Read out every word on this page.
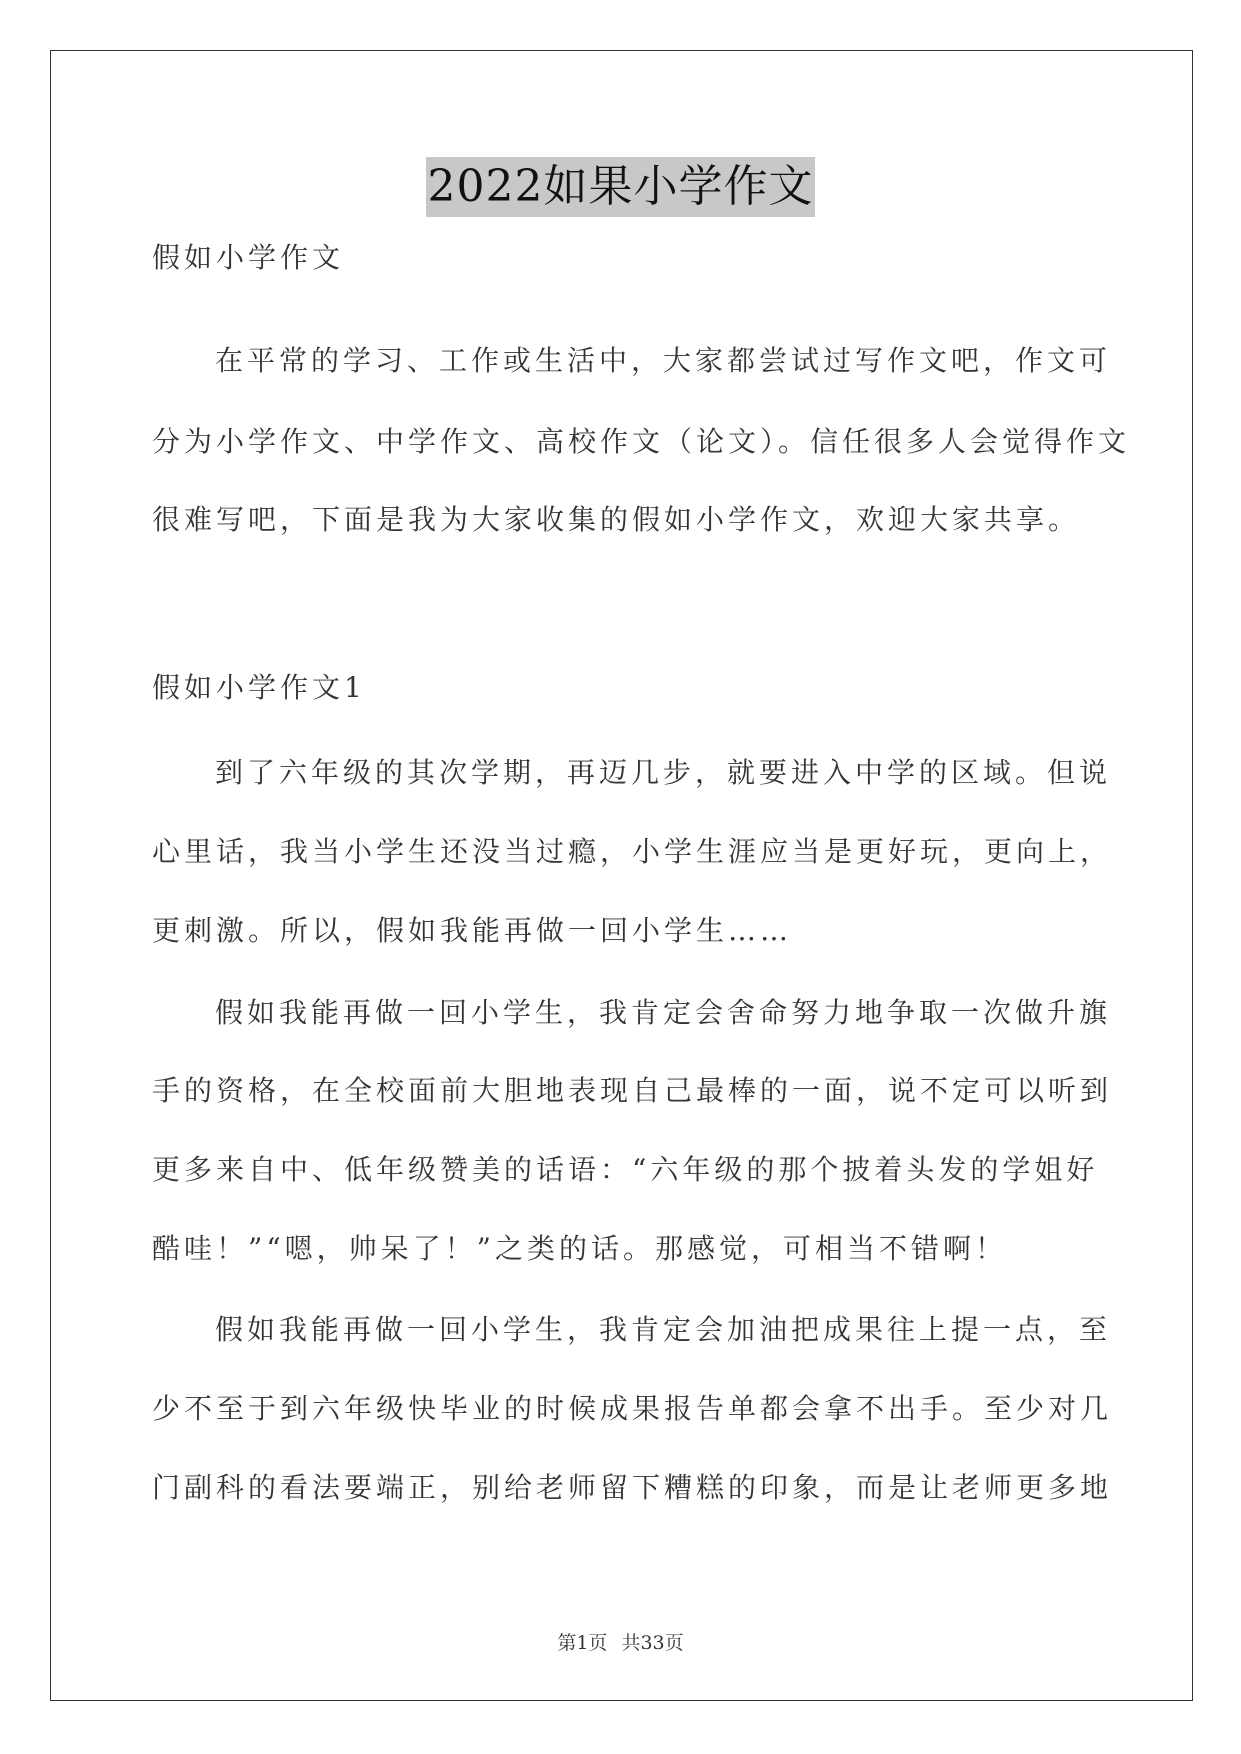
2022如果小学作文
假如小学作文
在平常的学习、工作或生活中，大家都尝试过写作文吧，作文可
分为小学作文、中学作文、高校作文（论文）。信任很多人会觉得作文
很难写吧，下面是我为大家收集的假如小学作文，欢迎大家共享。
假如小学作文1
到了六年级的其次学期，再迈几步，就要进入中学的区域。但说
心里话，我当小学生还没当过瘾，小学生涯应当是更好玩，更向上，
更刺激。所以，假如我能再做一回小学生……
假如我能再做一回小学生，我肯定会舍命努力地争取一次做升旗
手的资格，在全校面前大胆地表现自己最棒的一面，说不定可以听到
更多来自中、低年级赞美的话语：“六年级的那个披着头发的学姐好
酷哇！”“嗯，帅呆了！”之类的话。那感觉，可相当不错啊！
假如我能再做一回小学生，我肯定会加油把成果往上提一点，至
少不至于到六年级快毕业的时候成果报告单都会拿不出手。至少对几
门副科的看法要端正，别给老师留下糟糕的印象，而是让老师更多地
第1页 共33页
